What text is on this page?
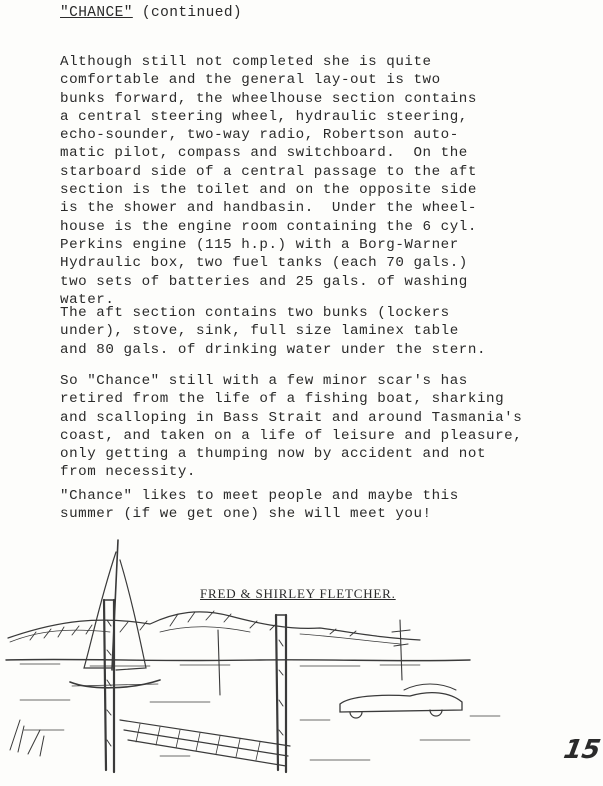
"CHANCE" (continued)

Although still not completed she is quite
comfortable and the general lay-out is two
bunks forward, the wheelhouse section contains
a central steering wheel, hydraulic steering,
echo-sounder, two-way radio, Robertson auto-
matic pilot, compass and switchboard.  On the
starboard side of a central passage to the aft
section is the toilet and on the opposite side
is the shower and handbasin.  Under the wheel-
house is the engine room containing the 6 cyl.
Perkins engine (115 h.p.) with a Borg-Warner
Hydraulic box, two fuel tanks (each 70 gals.)
two sets of batteries and 25 gals. of washing
water.

The aft section contains two bunks (lockers
under), stove, sink, full size laminex table
and 80 gals. of drinking water under the stern.

So "Chance" still with a few minor scar's has
retired from the life of a fishing boat, sharking
and scalloping in Bass Strait and around Tasmania's
coast, and taken on a life of leisure and pleasure,
only getting a thumping now by accident and not
from necessity.

"Chance" likes to meet people and maybe this
summer (if we get one) she will meet you!

FRED & SHIRLEY FLETCHER.
15
